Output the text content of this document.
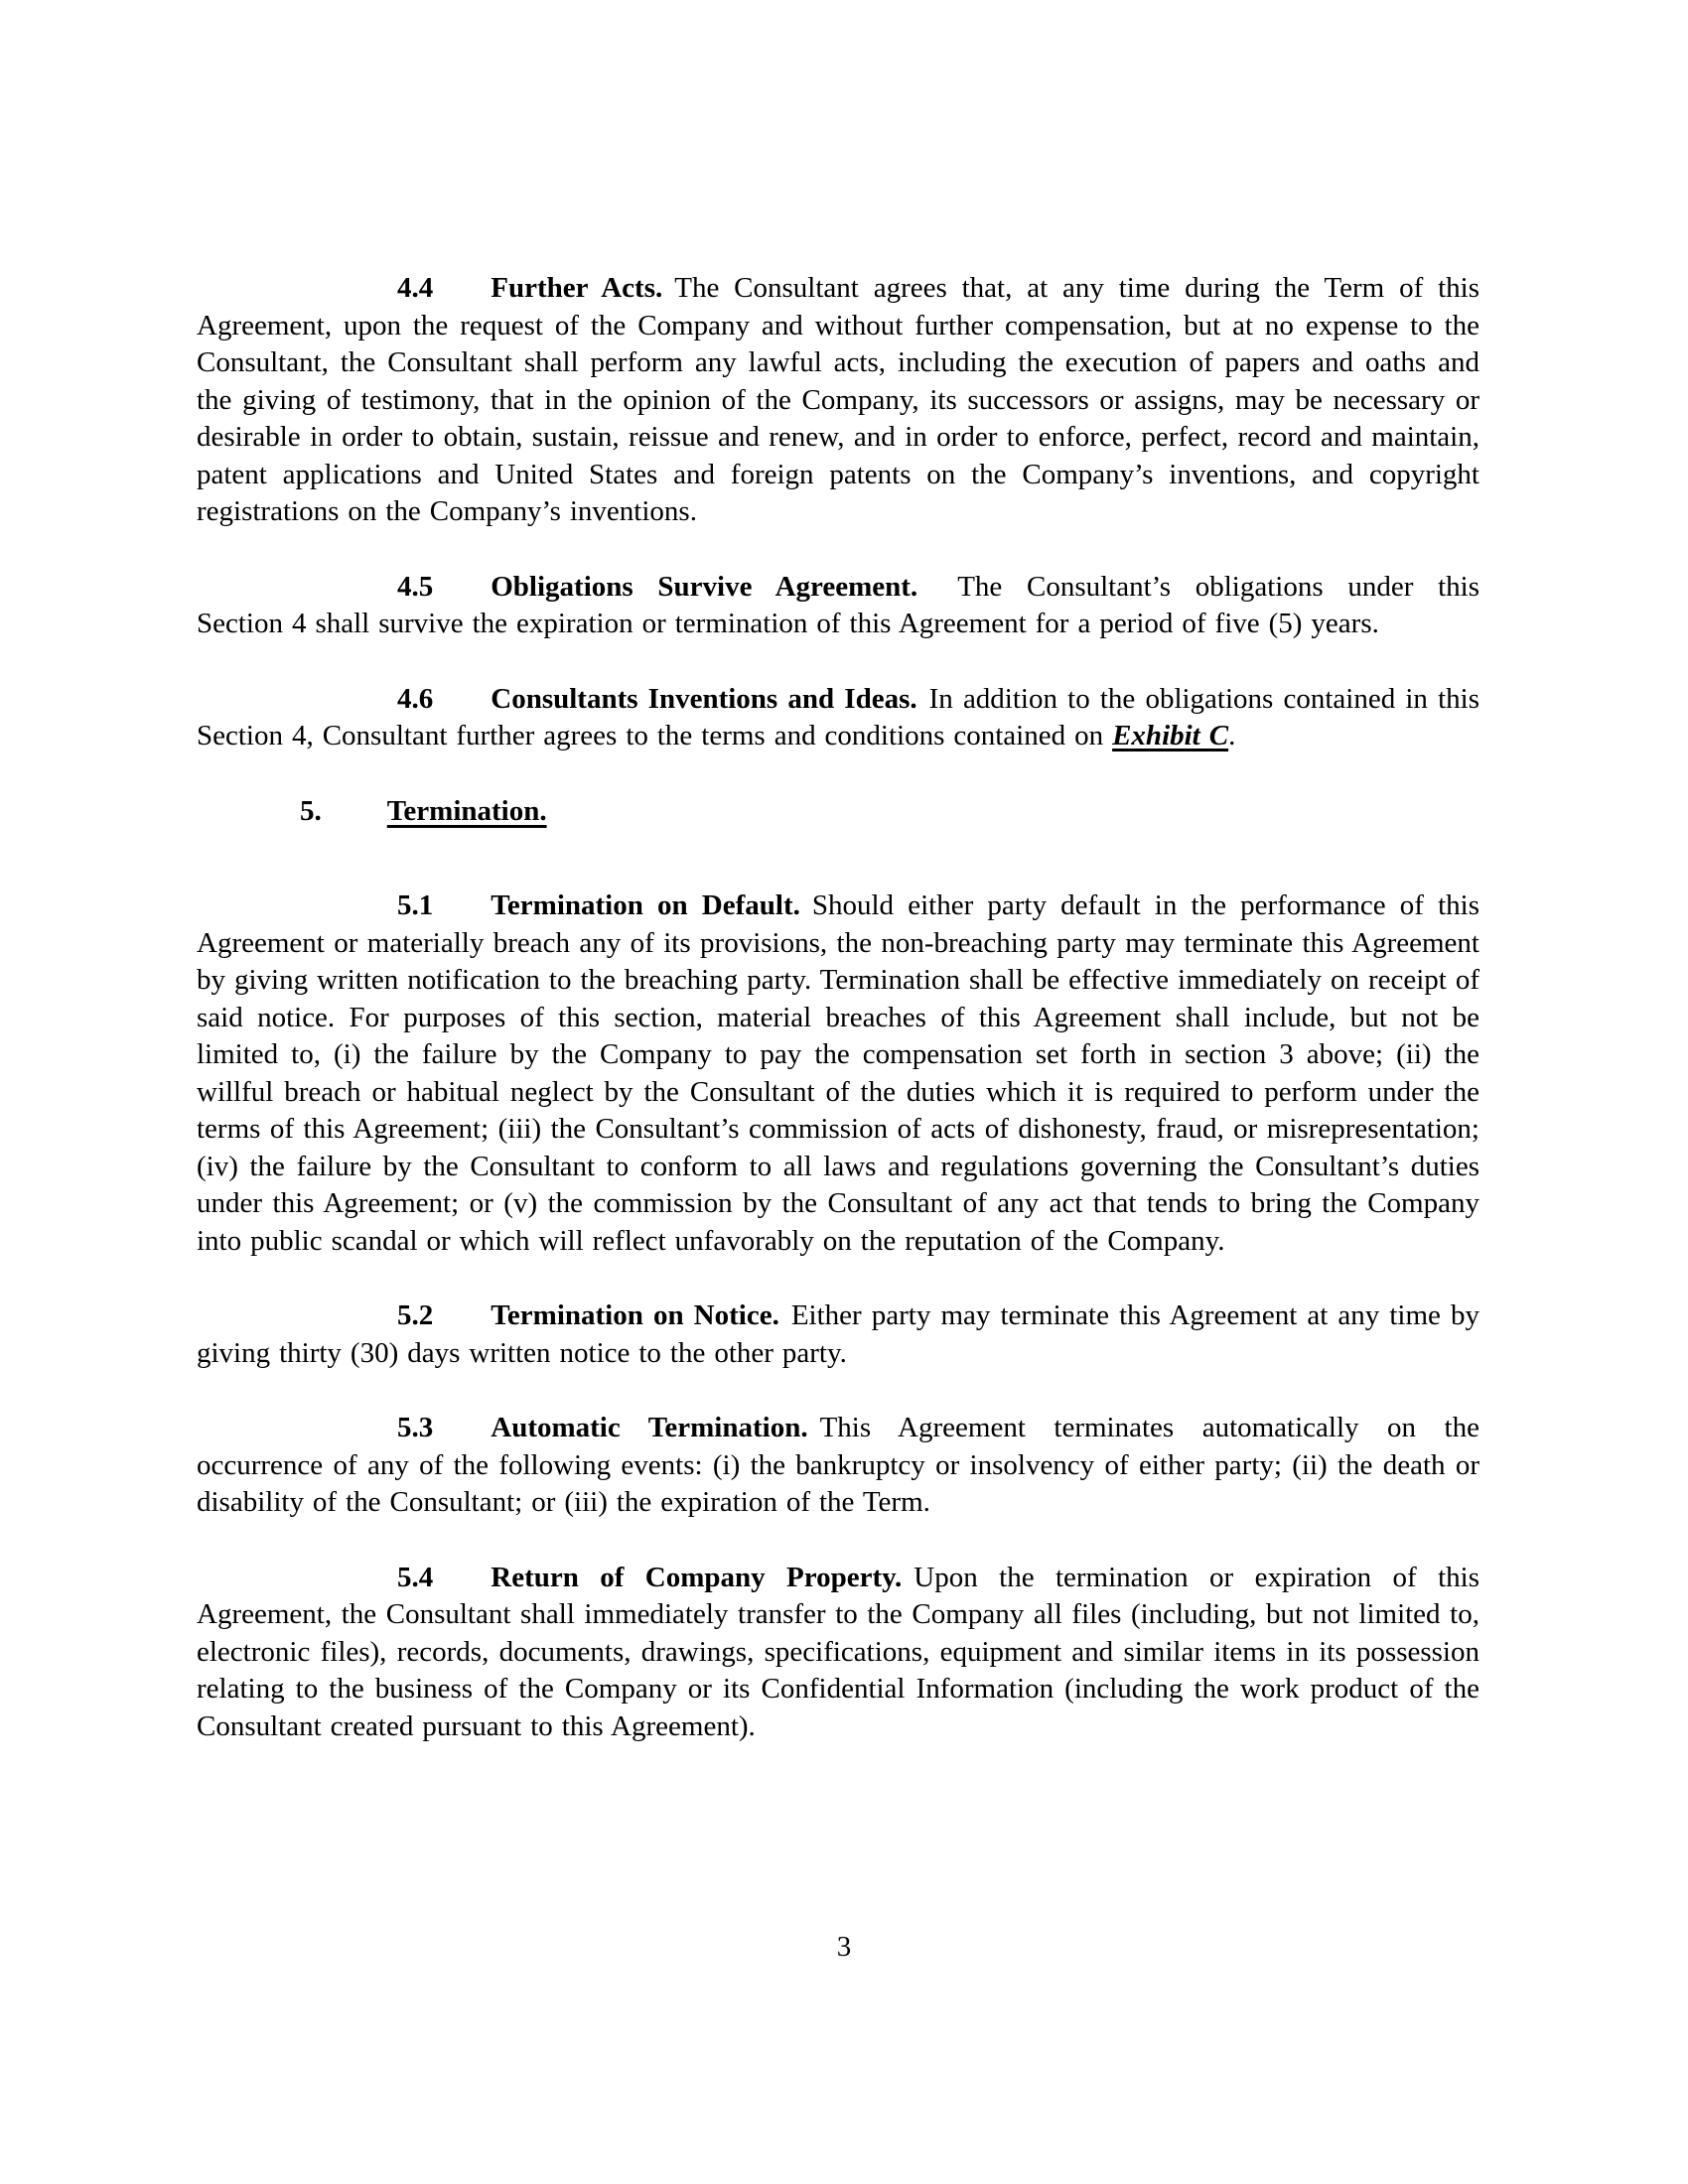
4.4 Further Acts. The Consultant agrees that, at any time during the Term of this Agreement, upon the request of the Company and without further compensation, but at no expense to the Consultant, the Consultant shall perform any lawful acts, including the execution of papers and oaths and the giving of testimony, that in the opinion of the Company, its successors or assigns, may be necessary or desirable in order to obtain, sustain, reissue and renew, and in order to enforce, perfect, record and maintain, patent applications and United States and foreign patents on the Company’s inventions, and copyright registrations on the Company’s inventions.

4.5 Obligations Survive Agreement. The Consultant’s obligations under this Section 4 shall survive the expiration or termination of this Agreement for a period of five (5) years.

4.6 Consultants Inventions and Ideas. In addition to the obligations contained in this Section 4, Consultant further agrees to the terms and conditions contained on Exhibit C.

5. Termination.

5.1 Termination on Default. Should either party default in the performance of this Agreement or materially breach any of its provisions, the non-breaching party may terminate this Agreement by giving written notification to the breaching party. Termination shall be effective immediately on receipt of said notice. For purposes of this section, material breaches of this Agreement shall include, but not be limited to, (i) the failure by the Company to pay the compensation set forth in section 3 above; (ii) the willful breach or habitual neglect by the Consultant of the duties which it is required to perform under the terms of this Agreement; (iii) the Consultant’s commission of acts of dishonesty, fraud, or misrepresentation; (iv) the failure by the Consultant to conform to all laws and regulations governing the Consultant’s duties under this Agreement; or (v) the commission by the Consultant of any act that tends to bring the Company into public scandal or which will reflect unfavorably on the reputation of the Company.

5.2 Termination on Notice. Either party may terminate this Agreement at any time by giving thirty (30) days written notice to the other party.

5.3 Automatic Termination. This Agreement terminates automatically on the occurrence of any of the following events: (i) the bankruptcy or insolvency of either party; (ii) the death or disability of the Consultant; or (iii) the expiration of the Term.

5.4 Return of Company Property. Upon the termination or expiration of this Agreement, the Consultant shall immediately transfer to the Company all files (including, but not limited to, electronic files), records, documents, drawings, specifications, equipment and similar items in its possession relating to the business of the Company or its Confidential Information (including the work product of the Consultant created pursuant to this Agreement).

3
